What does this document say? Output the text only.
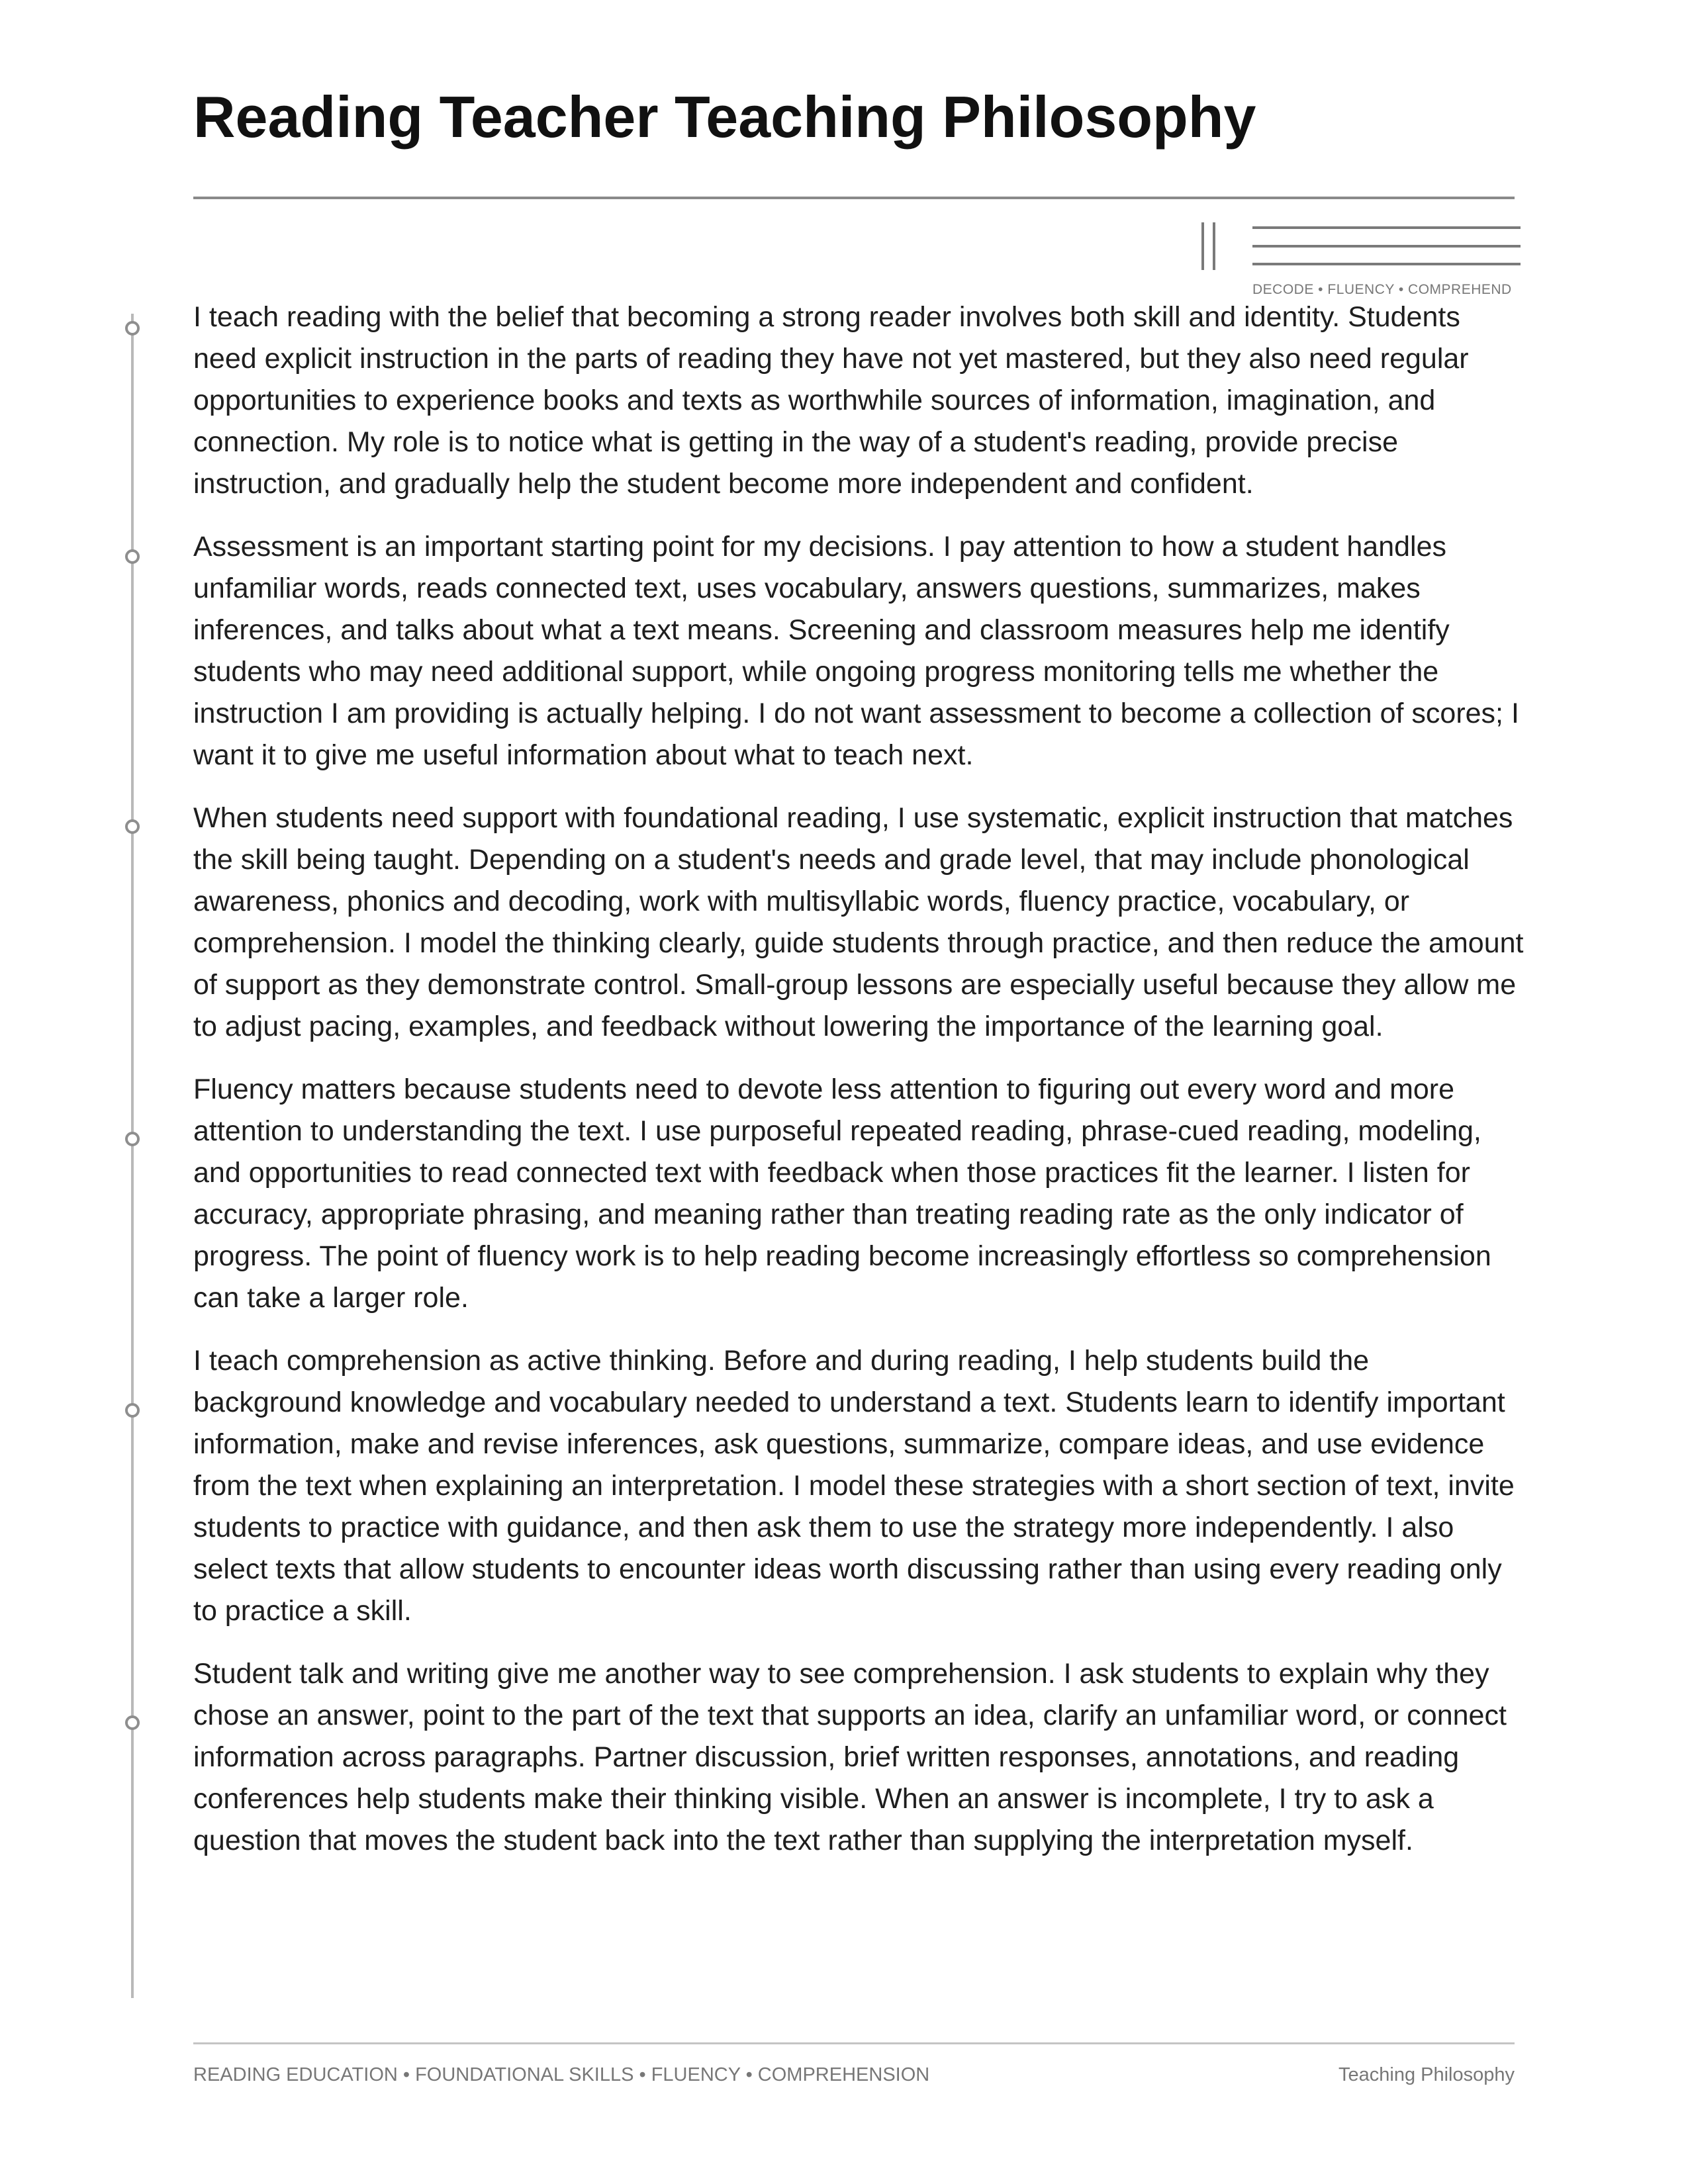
Reading Teacher Teaching Philosophy
DECODE • FLUENCY • COMPREHEND

I teach reading with the belief that becoming a strong reader involves both skill and identity. Students need explicit instruction in the parts of reading they have not yet mastered, but they also need regular opportunities to experience books and texts as worthwhile sources of information, imagination, and connection. My role is to notice what is getting in the way of a student's reading, provide precise instruction, and gradually help the student become more independent and confident.

Assessment is an important starting point for my decisions. I pay attention to how a student handles unfamiliar words, reads connected text, uses vocabulary, answers questions, summarizes, makes inferences, and talks about what a text means. Screening and classroom measures help me identify students who may need additional support, while ongoing progress monitoring tells me whether the instruction I am providing is actually helping. I do not want assessment to become a collection of scores; I want it to give me useful information about what to teach next.

When students need support with foundational reading, I use systematic, explicit instruction that matches the skill being taught. Depending on a student's needs and grade level, that may include phonological awareness, phonics and decoding, work with multisyllabic words, fluency practice, vocabulary, or comprehension. I model the thinking clearly, guide students through practice, and then reduce the amount of support as they demonstrate control. Small-group lessons are especially useful because they allow me to adjust pacing, examples, and feedback without lowering the importance of the learning goal.

Fluency matters because students need to devote less attention to figuring out every word and more attention to understanding the text. I use purposeful repeated reading, phrase-cued reading, modeling, and opportunities to read connected text with feedback when those practices fit the learner. I listen for accuracy, appropriate phrasing, and meaning rather than treating reading rate as the only indicator of progress. The point of fluency work is to help reading become increasingly effortless so comprehension can take a larger role.

I teach comprehension as active thinking. Before and during reading, I help students build the background knowledge and vocabulary needed to understand a text. Students learn to identify important information, make and revise inferences, ask questions, summarize, compare ideas, and use evidence from the text when explaining an interpretation. I model these strategies with a short section of text, invite students to practice with guidance, and then ask them to use the strategy more independently. I also select texts that allow students to encounter ideas worth discussing rather than using every reading only to practice a skill.

Student talk and writing give me another way to see comprehension. I ask students to explain why they chose an answer, point to the part of the text that supports an idea, clarify an unfamiliar word, or connect information across paragraphs. Partner discussion, brief written responses, annotations, and reading conferences help students make their thinking visible. When an answer is incomplete, I try to ask a question that moves the student back into the text rather than supplying the interpretation myself.

READING EDUCATION • FOUNDATIONAL SKILLS • FLUENCY • COMPREHENSION	Teaching Philosophy
